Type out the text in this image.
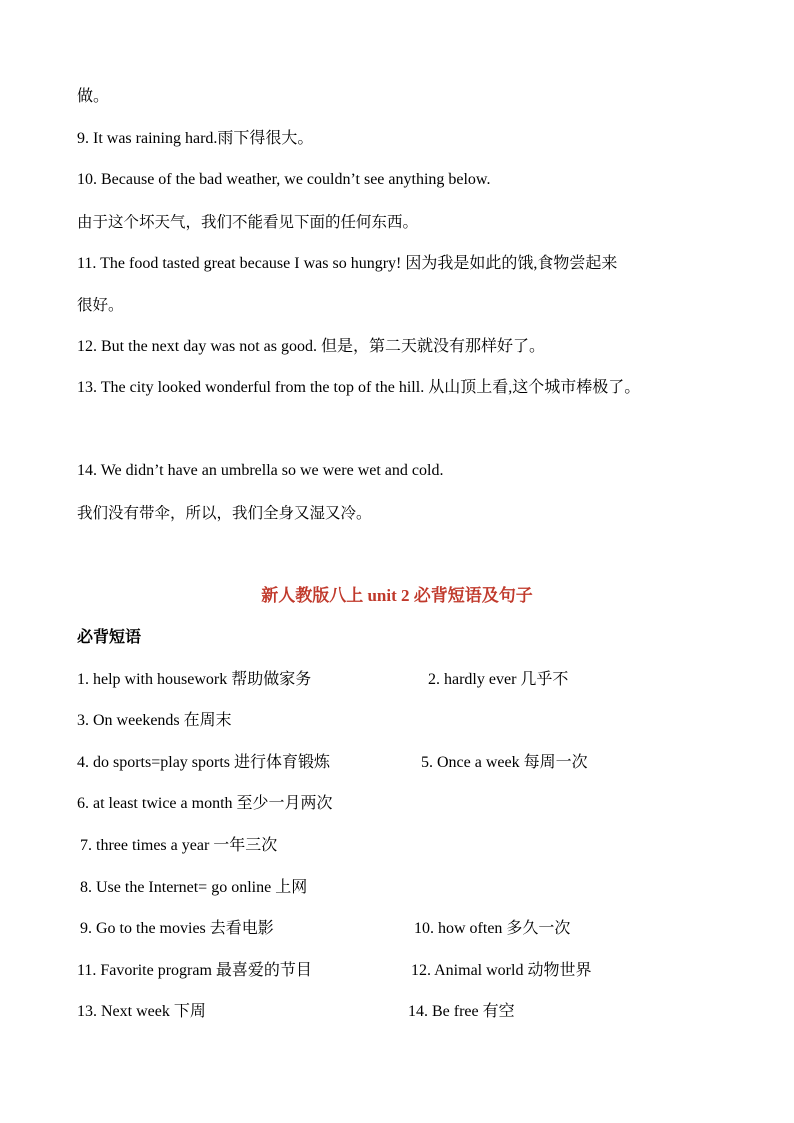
做。
9. It was raining hard.雨下得很大。
10. Because of the bad weather, we couldn’t see anything below.
由于这个坏天气，我们不能看见下面的任何东西。
11. The food tasted great because I was so hungry! 因为我是如此的饿,食物尝起来
很好。
12. But the next day was not as good. 但是，第二天就没有那样好了。
13. The city looked wonderful from the top of the hill. 从山顶上看,这个城市棒极了。
14. We didn’t have an umbrella so we were wet and cold.
我们没有带伞，所以，我们全身又湿又冷。
新人教版八上 unit 2 必背短语及句子
必背短语
1. help with housework 帮助做家务	2. hardly ever 几乎不
3. On weekends 在周末
4. do sports=play sports 进行体育锻炼	5. Once a week 每周一次
6. at least twice a month 至少一月两次
7. three times a year 一年三次
8. Use the Internet= go online 上网
9. Go to the movies 去看电影	10. how often 多久一次
11. Favorite program 最喜爱的节目	12. Animal world 动物世界
13. Next week 下周	14. Be free 有空
